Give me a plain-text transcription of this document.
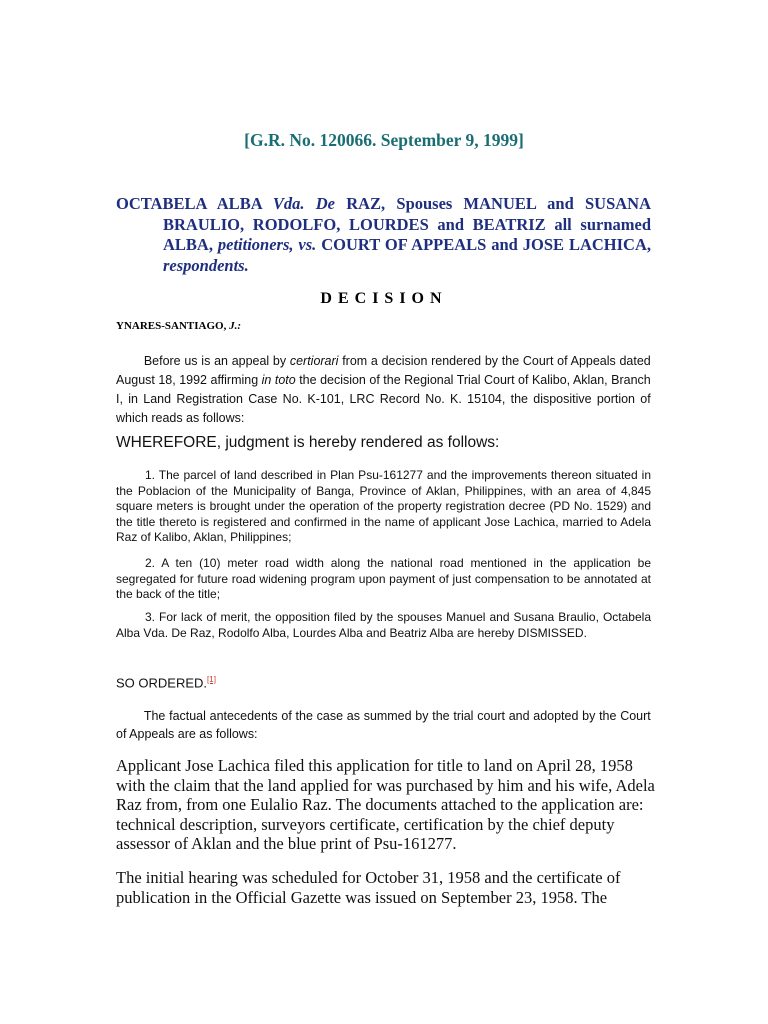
[G.R. No. 120066. September 9, 1999]
OCTABELA ALBA Vda. De RAZ, Spouses MANUEL and SUSANA BRAULIO, RODOLFO, LOURDES and BEATRIZ all surnamed ALBA, petitioners, vs. COURT OF APPEALS and JOSE LACHICA, respondents.
DECISION
YNARES-SANTIAGO, J.:
Before us is an appeal by certiorari from a decision rendered by the Court of Appeals dated August 18, 1992 affirming in toto the decision of the Regional Trial Court of Kalibo, Aklan, Branch I, in Land Registration Case No. K-101, LRC Record No. K. 15104, the dispositive portion of which reads as follows:
WHEREFORE, judgment is hereby rendered as follows:
1. The parcel of land described in Plan Psu-161277 and the improvements thereon situated in the Poblacion of the Municipality of Banga, Province of Aklan, Philippines, with an area of 4,845 square meters is brought under the operation of the property registration decree (PD No. 1529) and the title thereto is registered and confirmed in the name of applicant Jose Lachica, married to Adela Raz of Kalibo, Aklan, Philippines;
2. A ten (10) meter road width along the national road mentioned in the application be segregated for future road widening program upon payment of just compensation to be annotated at the back of the title;
3. For lack of merit, the opposition filed by the spouses Manuel and Susana Braulio, Octabela Alba Vda. De Raz, Rodolfo Alba, Lourdes Alba and Beatriz Alba are hereby DISMISSED.
SO ORDERED.[1]
The factual antecedents of the case as summed by the trial court and adopted by the Court of Appeals are as follows:
Applicant Jose Lachica filed this application for title to land on April 28, 1958 with the claim that the land applied for was purchased by him and his wife, Adela Raz from, from one Eulalio Raz. The documents attached to the application are: technical description, surveyors certificate, certification by the chief deputy assessor of Aklan and the blue print of Psu-161277.
The initial hearing was scheduled for October 31, 1958 and the certificate of publication in the Official Gazette was issued on September 23, 1958. The
